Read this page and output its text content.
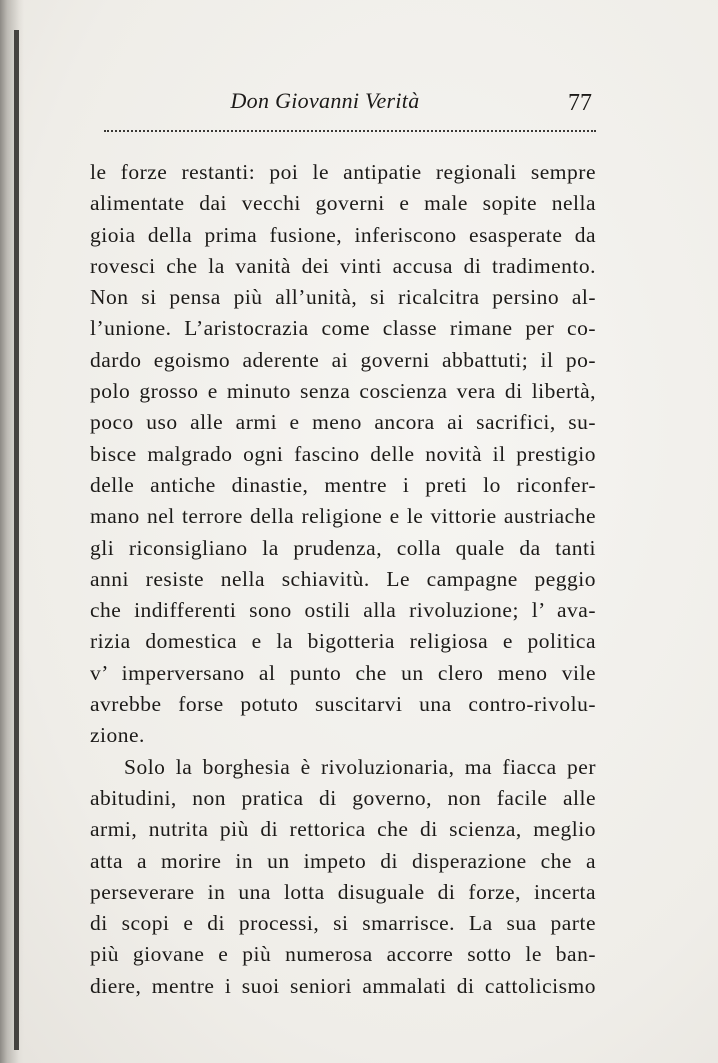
Don Giovanni Verità	77
le forze restanti: poi le antipatie regionali sempre
alimentate dai vecchi governi e male sopite nella
gioia della prima fusione, inferiscono esasperate da
rovesci che la vanità dei vinti accusa di tradimento.
Non si pensa più all’unità, si ricalcitra persino al-
l’unione. L’aristocrazia come classe rimane per co-
dardo egoismo aderente ai governi abbattuti; il po-
polo grosso e minuto senza coscienza vera di libertà,
poco uso alle armi e meno ancora ai sacrifici, su-
bisce malgrado ogni fascino delle novità il prestigio
delle antiche dinastie, mentre i preti lo riconfer-
mano nel terrore della religione e le vittorie austriache
gli riconsigliano la prudenza, colla quale da tanti
anni resiste nella schiavitù. Le campagne peggio
che indifferenti sono ostili alla rivoluzione; l’ ava-
rizia domestica e la bigotteria religiosa e politica
v’ imperversano al punto che un clero meno vile
avrebbe forse potuto suscitarvi una contro-rivolu-
zione.
Solo la borghesia è rivoluzionaria, ma fiacca per
abitudini, non pratica di governo, non facile alle
armi, nutrita più di rettorica che di scienza, meglio
atta a morire in un impeto di disperazione che a
perseverare in una lotta disuguale di forze, incerta
di scopi e di processi, si smarrisce. La sua parte
più giovane e più numerosa accorre sotto le ban-
diere, mentre i suoi seniori ammalati di cattolicismo
